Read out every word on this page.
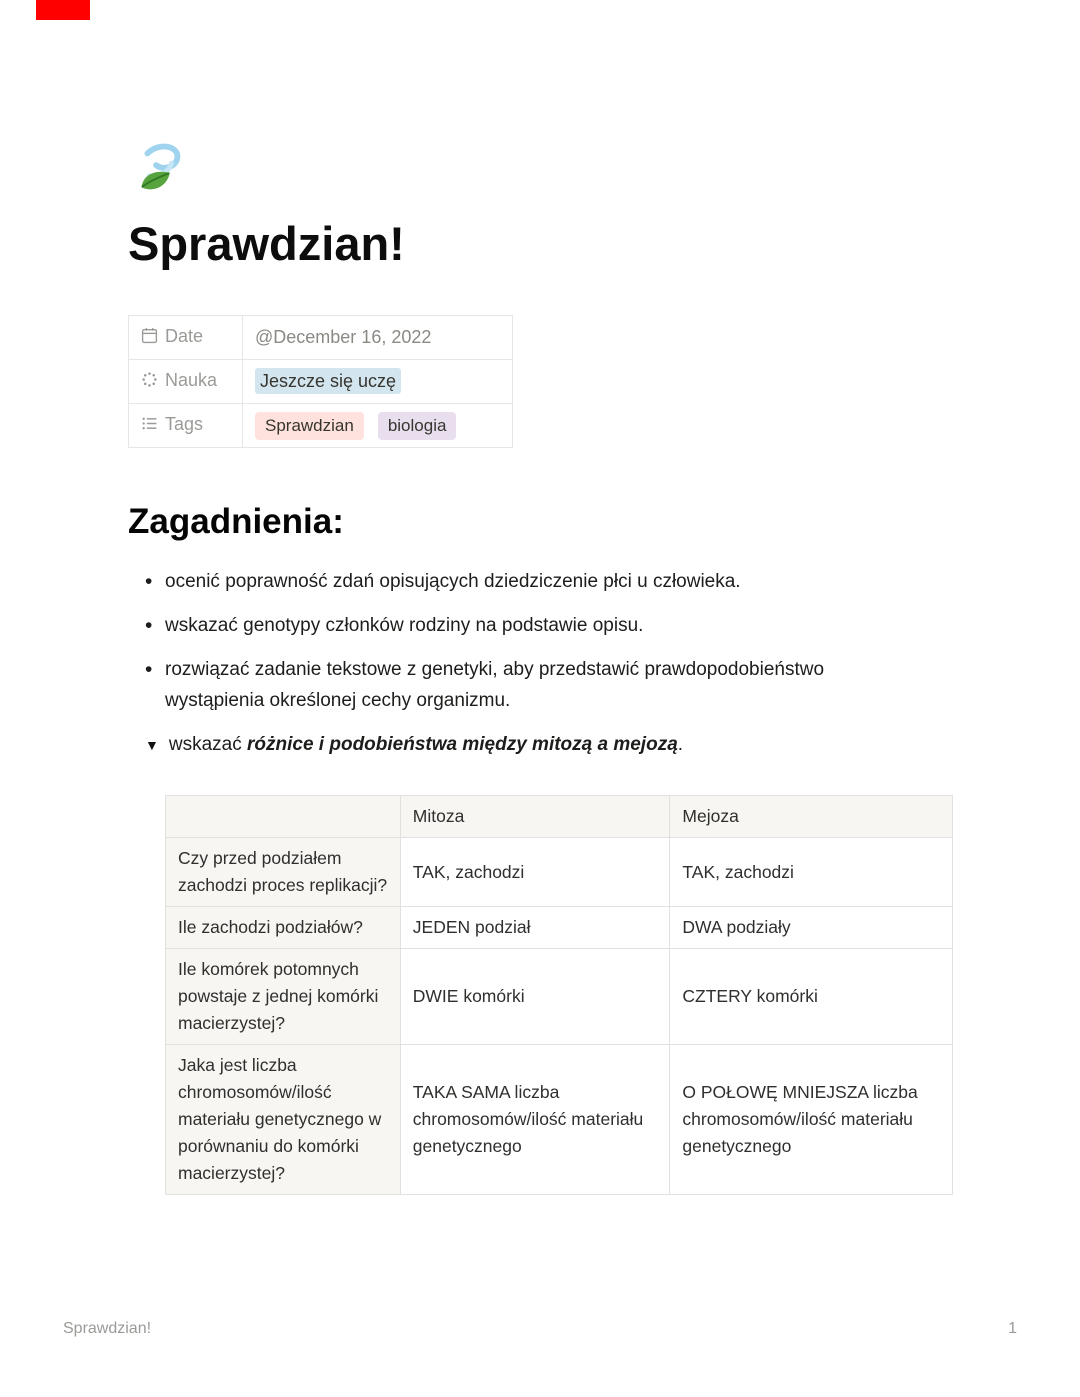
Sprawdzian!
Date	@December 16, 2022
Nauka	Jeszcze się uczę
Tags	Sprawdzian biologia
Zagadnienia:
• ocenić poprawność zdań opisujących dziedziczenie płci u człowieka.
• wskazać genotypy członków rodziny na podstawie opisu.
• rozwiązać zadanie tekstowe z genetyki, aby przedstawić prawdopodobieństwo wystąpienia określonej cechy organizmu.
▼ wskazać różnice i podobieństwa między mitozą a mejozą.
	Mitoza	Mejoza
Czy przed podziałem zachodzi proces replikacji?	TAK, zachodzi	TAK, zachodzi
Ile zachodzi podziałów?	JEDEN podział	DWA podziały
Ile komórek potomnych powstaje z jednej komórki macierzystej?	DWIE komórki	CZTERY komórki
Jaka jest liczba chromosomów/ilość materiału genetycznego w porównaniu do komórki macierzystej?	TAKA SAMA liczba chromosomów/ilość materiału genetycznego	O POŁOWĘ MNIEJSZA liczba chromosomów/ilość materiału genetycznego
Sprawdzian!	1
